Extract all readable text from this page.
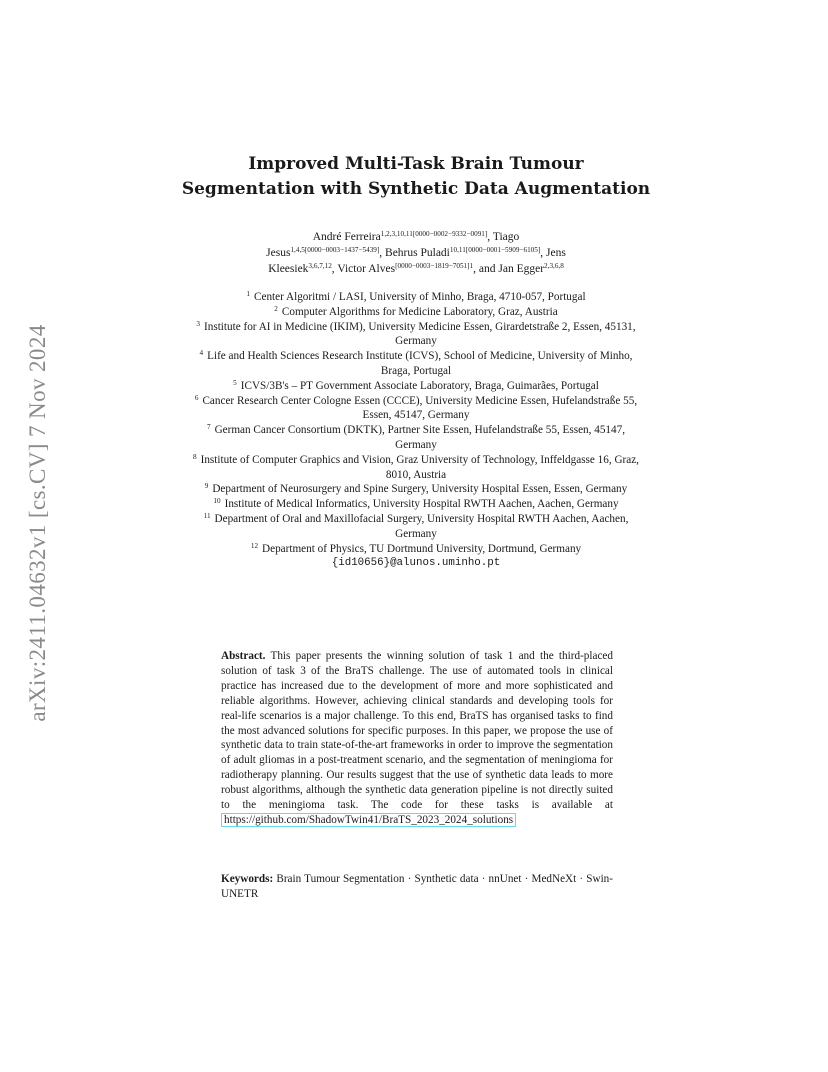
arXiv:2411.04632v1 [cs.CV] 7 Nov 2024
Improved Multi-Task Brain Tumour
Segmentation with Synthetic Data Augmentation
André Ferreira$^{1,2,3,10,11[0000-0002-9332-0091]}$, Tiago
Jesus$^{1,4,5[0000-0003-1437-5439]}$, Behrus Puladi$^{10,11[0000-0001-5909-6105]}$, Jens
Kleesiek$^{3,6,7,12}$, Victor Alves$^{[0000-0003-1819-7051]1}$, and Jan Egger$^{2,3,6,8}$
$^1$ Center Algoritmi / LASI, University of Minho, Braga, 4710-057, Portugal
$^2$ Computer Algorithms for Medicine Laboratory, Graz, Austria
$^3$ Institute for AI in Medicine (IKIM), University Medicine Essen, Girardetstraße 2, Essen, 45131, Germany
$^4$ Life and Health Sciences Research Institute (ICVS), School of Medicine, University of Minho, Braga, Portugal
$^5$ ICVS/3B's – PT Government Associate Laboratory, Braga, Guimarães, Portugal
$^6$ Cancer Research Center Cologne Essen (CCCE), University Medicine Essen, Hufelandstraße 55, Essen, 45147, Germany
$^7$ German Cancer Consortium (DKTK), Partner Site Essen, Hufelandstraße 55, Essen, 45147, Germany
$^8$ Institute of Computer Graphics and Vision, Graz University of Technology, Inffeldgasse 16, Graz, 8010, Austria
$^9$ Department of Neurosurgery and Spine Surgery, University Hospital Essen, Essen, Germany
$^{10}$ Institute of Medical Informatics, University Hospital RWTH Aachen, Aachen, Germany
$^{11}$ Department of Oral and Maxillofacial Surgery, University Hospital RWTH Aachen, Aachen, Germany
$^{12}$ Department of Physics, TU Dortmund University, Dortmund, Germany
{id10656}@alunos.uminho.pt
Abstract. This paper presents the winning solution of task 1 and the third-placed solution of task 3 of the BraTS challenge. The use of automated tools in clinical practice has increased due to the development of more and more sophisticated and reliable algorithms. However, achieving clinical standards and developing tools for real-life scenarios is a major challenge. To this end, BraTS has organised tasks to find the most advanced solutions for specific purposes. In this paper, we propose the use of synthetic data to train state-of-the-art frameworks in order to improve the segmentation of adult gliomas in a post-treatment scenario, and the segmentation of meningioma for radiotherapy planning. Our results suggest that the use of synthetic data leads to more robust algorithms, although the synthetic data generation pipeline is not directly suited to the meningioma task. The code for these tasks is available at https://github.com/ShadowTwin41/BraTS_2023_2024_solutions
Keywords: Brain Tumour Segmentation · Synthetic data · nnUnet · MedNeXt · Swin-UNETR
